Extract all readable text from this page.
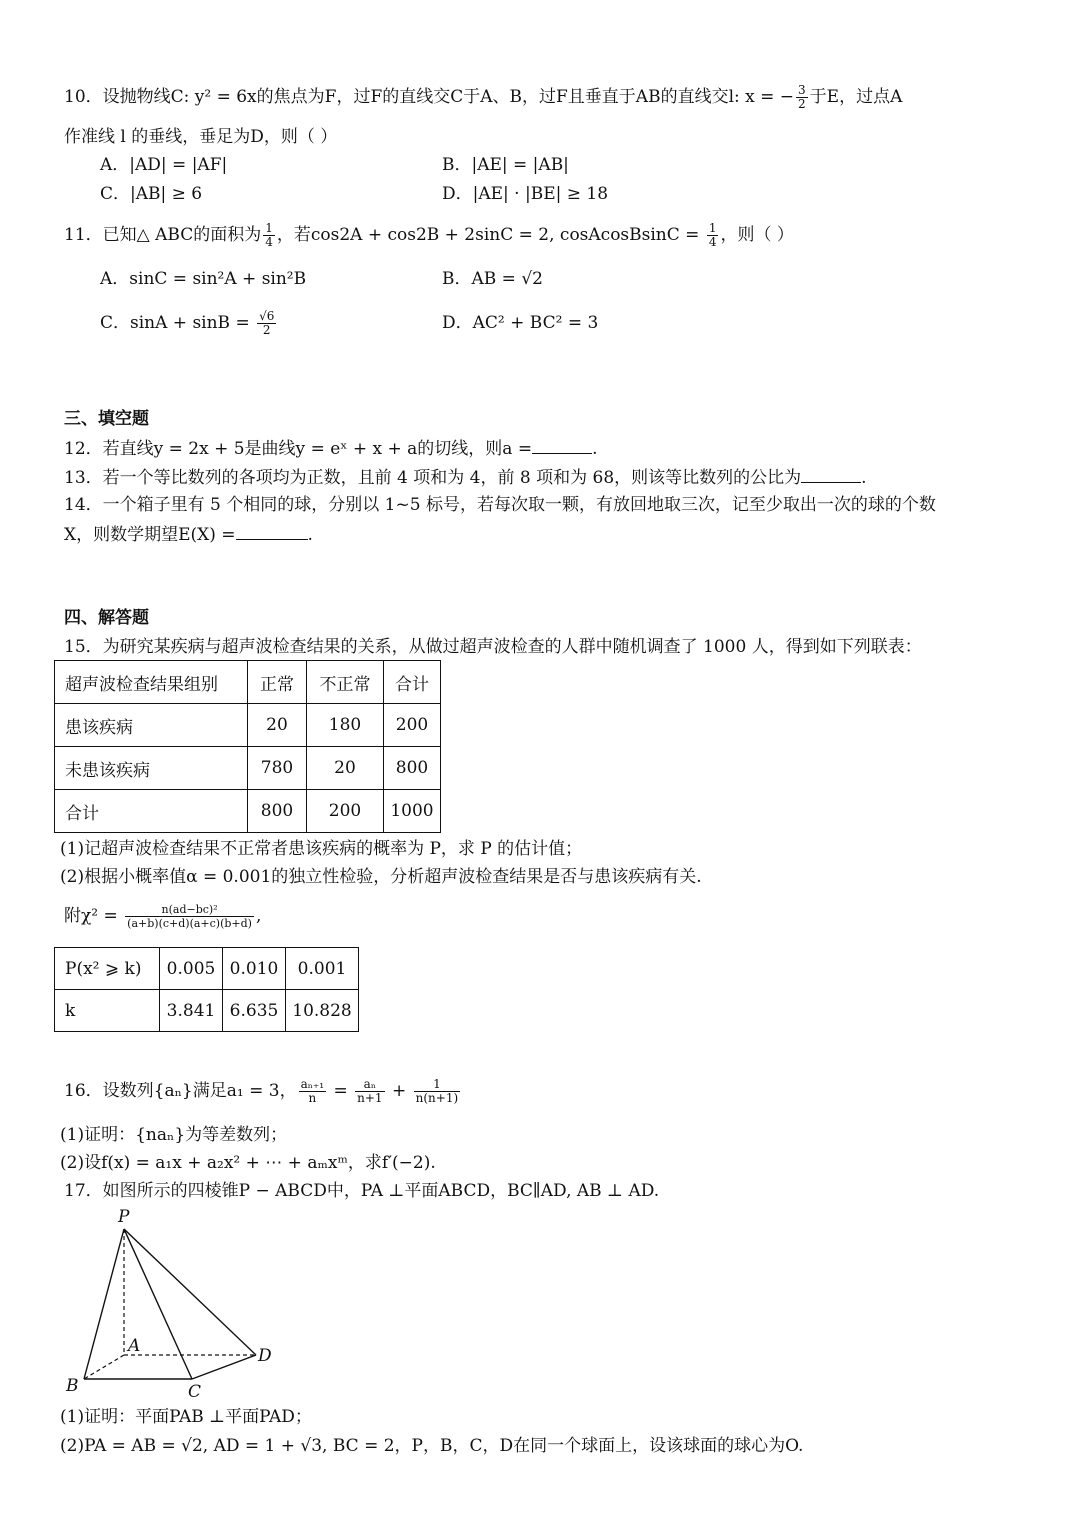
10．设抛物线C: y² = 6x的焦点为F，过F的直线交C于A、B，过F且垂直于AB的直线交l: x = − $\frac{3}{2}$ 于E，过点A
作准线 l 的垂线，垂足为D，则（ ）
A．|AD| = |AF|	B．|AE| = |AB|
C．|AB| ≥ 6	D．|AE| · |BE| ≥ 18
11．已知△ ABC的面积为 $\frac{1}{4}$ ，若cos2A + cos2B + 2sinC = 2, cosAcosBsinC = $\frac{1}{4}$ ，则（ ）
A．sinC = sin²A + sin²B	B．AB = √2
C．$\sin A + \sin B = \frac{√6}{2}$	D．AC² + BC² = 3
三、填空题
12．若直线y = 2x + 5是曲线y = eˣ + x + a的切线，则a =	.
13．若一个等比数列的各项均为正数，且前 4 项和为 4，前 8 项和为 68，则该等比数列的公比为	.
14．一个箱子里有 5 个相同的球，分别以 1~5 标号，若每次取一颗，有放回地取三次，记至少取出一次的球的个数
X，则数学期望E(X) =	.
四、解答题
15．为研究某疾病与超声波检查结果的关系，从做过超声波检查的人群中随机调查了 1000 人，得到如下列联表：
超声波检查结果组别	正常	不正常	合计
患该疾病	20	180	200
未患该疾病	780	20	800
合计	800	200	1000
(1)记超声波检查结果不正常者患该疾病的概率为 P，求 P 的估计值；
(2)根据小概率值α = 0.001的独立性检验，分析超声波检查结果是否与患该疾病有关.
附$\chi^2 = \frac{\text{n(ad−bc)²}}{(a+b)(c+d)(a+c)(b+d)}$ ,
P(x² ⩾ k)	0.005	0.010	0.001
k	3.841	6.635	10.828
16．设数列{aₙ}满足a₁ = 3， $\frac{\text{aₙ₊₁}}{n} = \frac{\text{aₙ}}{n+1} + \frac{1}{n(n+1)}$
(1)证明：{naₙ}为等差数列；
(2)设f(x) = a₁x + a₂x² + ⋯ + aₘxᵐ，求f′(−2).
17．如图所示的四棱锥P − ABCD中，PA ⊥平面ABCD，BC∥AD, AB ⊥ AD.
P
A
B	C
D
(1)证明：平面PAB ⊥平面PAD；
(2)PA = AB = √2, AD = 1 + √3, BC = 2，P，B，C，D在同一个球面上，设该球面的球心为O.
